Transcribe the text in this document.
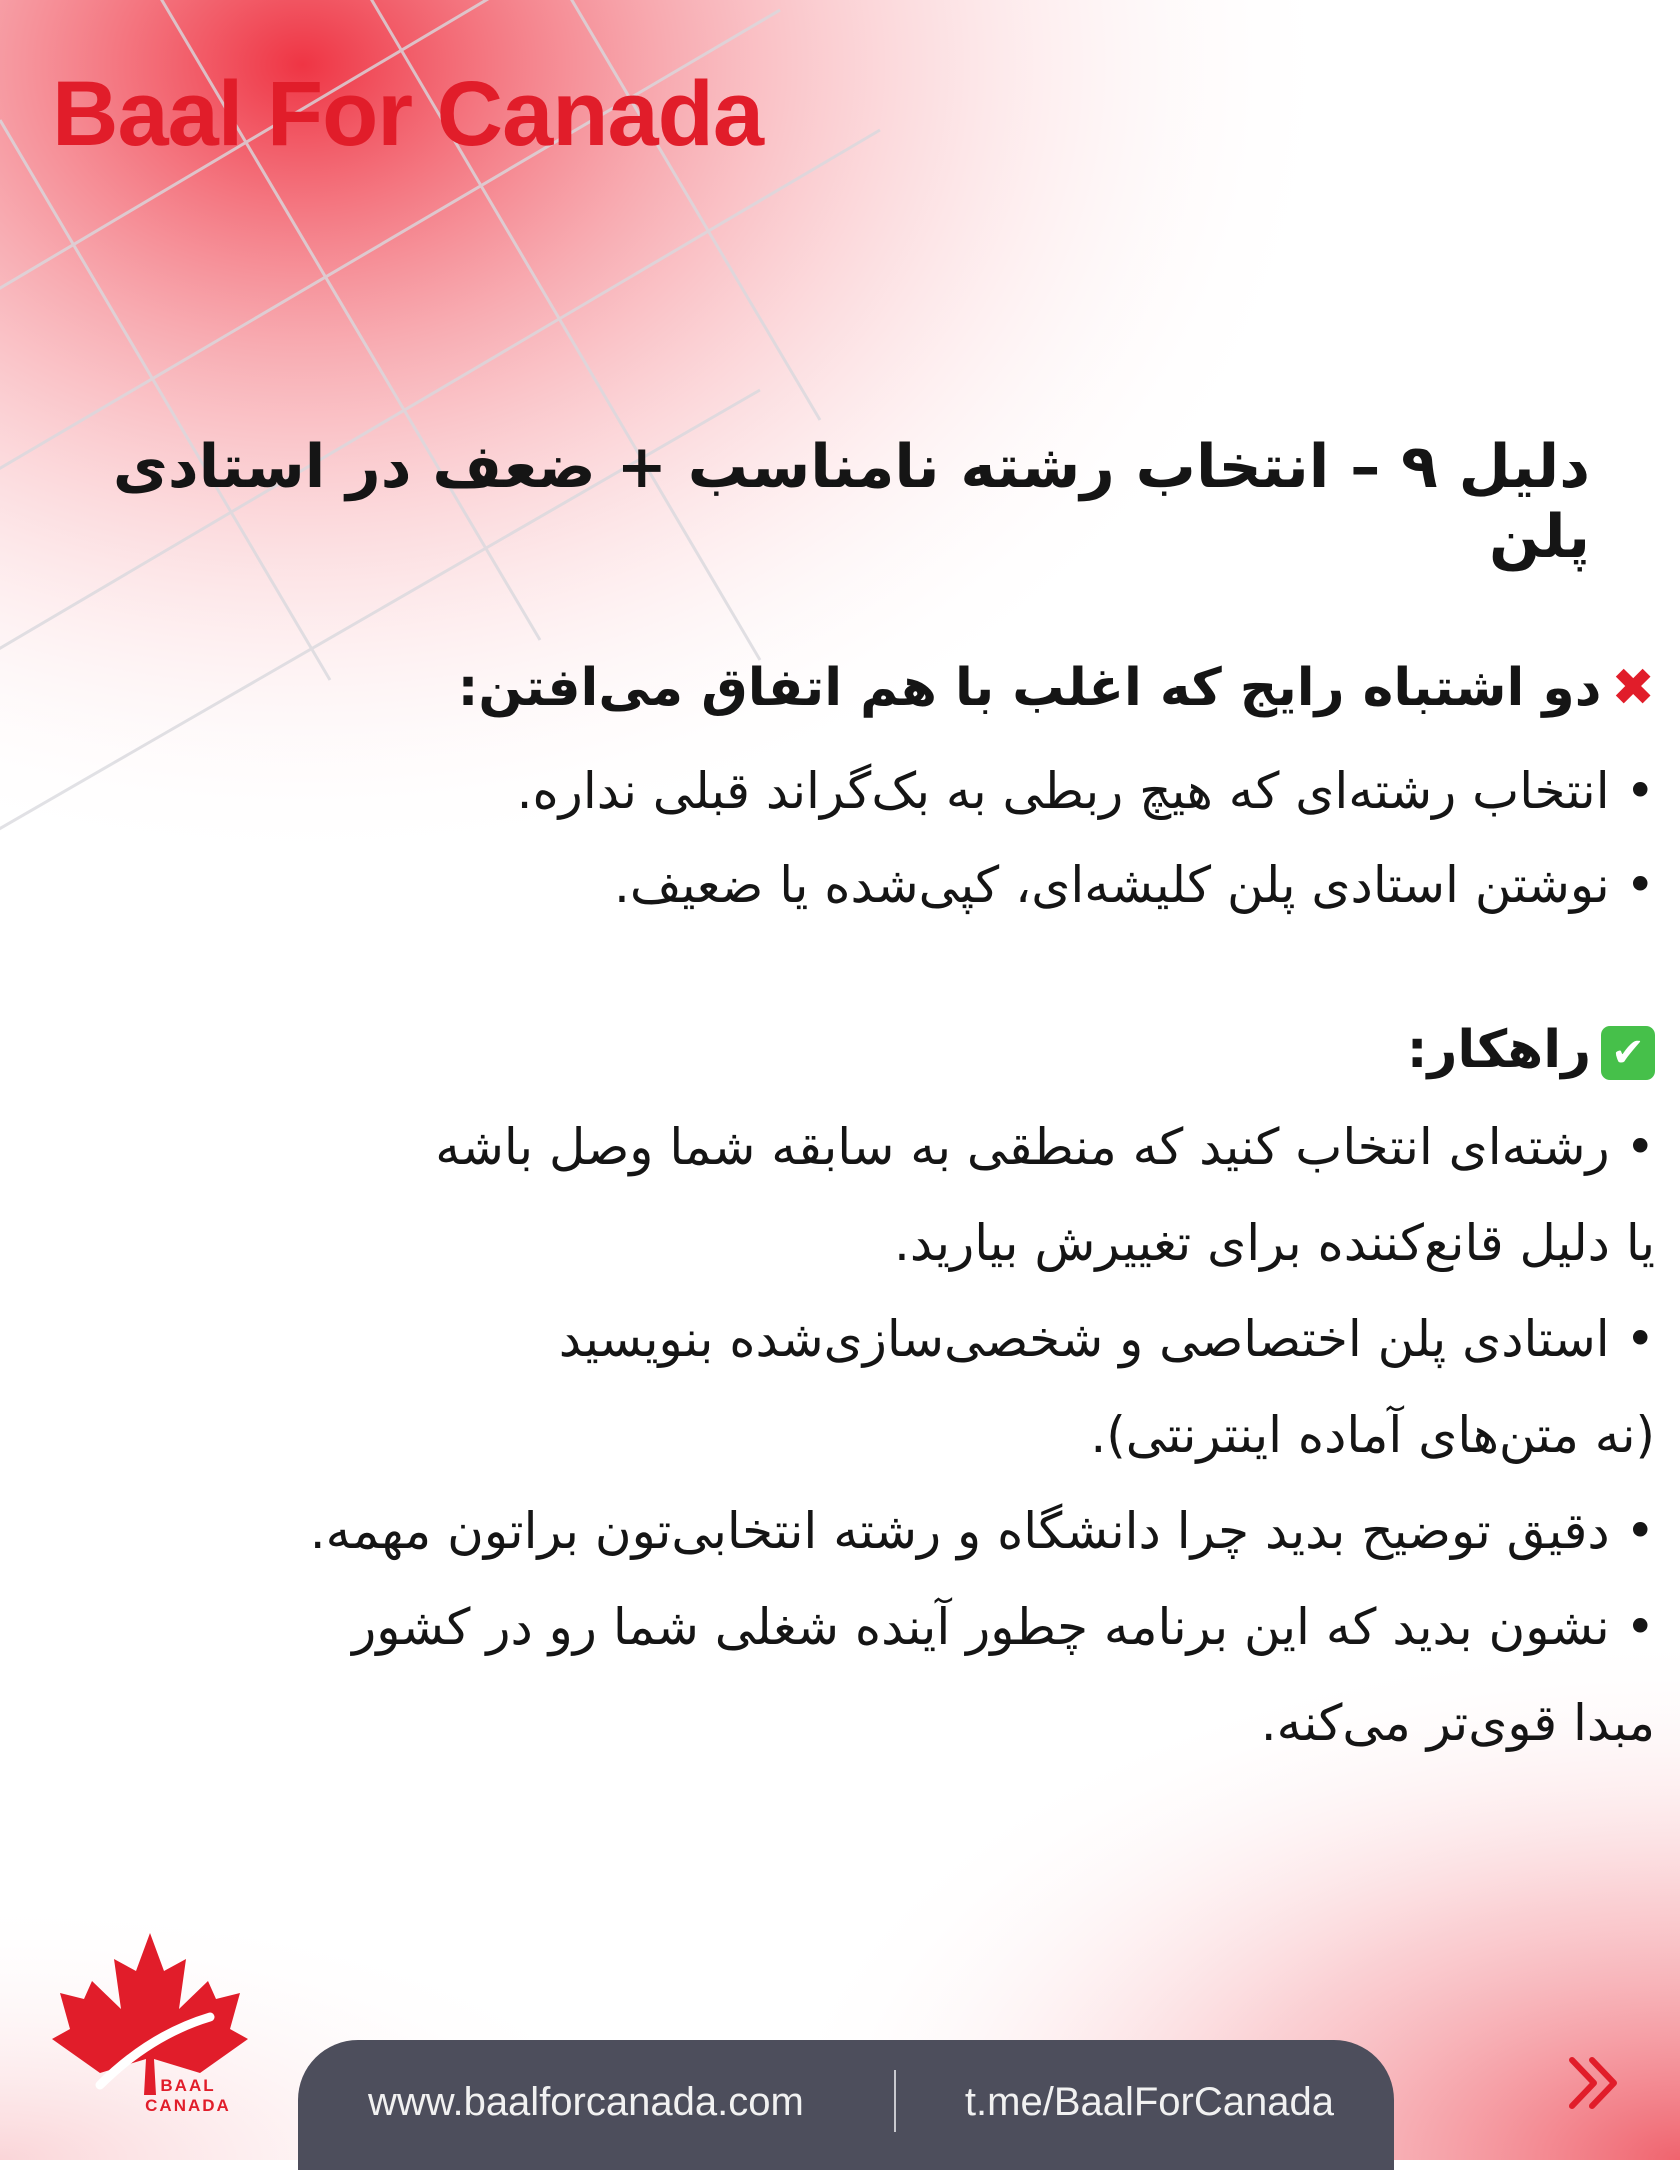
Baal For Canada
دلیل ۹ – انتخاب رشته نامناسب + ضعف در استادی پلن
✖دو اشتباه رایج که اغلب با هم اتفاق می‌افتن:
• انتخاب رشته‌ای که هیچ ربطی به بک‌گراند قبلی نداره.
• نوشتن استادی پلن کلیشه‌ای، کپی‌شده یا ضعیف.
✔راهکار:
• رشته‌ای انتخاب کنید که منطقی به سابقه شما وصل باشه
یا دلیل قانع‌کننده برای تغییرش بیارید.
• استادی پلن اختصاصی و شخصی‌سازی‌شده بنویسید
(نه متن‌های آماده اینترنتی).
• دقیق توضیح بدید چرا دانشگاه و رشته انتخابی‌تون براتون مهمه.
• نشون بدید که این برنامه چطور آینده شغلی شما رو در کشور
مبدا قوی‌تر می‌کنه.
BAAL
CANADA	www.baalforcanada.com	t.me/BaalForCanada
